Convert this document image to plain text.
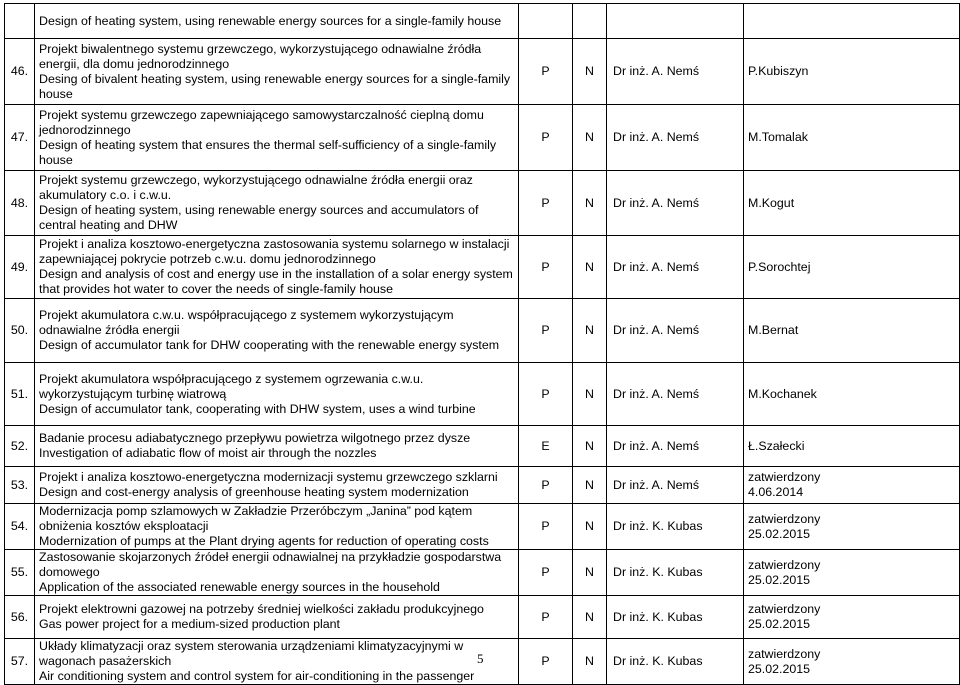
	Design of heating system, using renewable energy sources for a single-family house				
46.	Projekt biwalentnego systemu grzewczego, wykorzystującego odnawialne źródła energii, dla domu jednorodzinnego
Desing of bivalent heating system, using renewable energy sources for a single-family house	P	N	Dr inż. A. Nemś	P.Kubiszyn
47.	Projekt systemu grzewczego zapewniającego samowystarczalność cieplną domu jednorodzinnego
Design of heating system that ensures the thermal self-sufficiency of a single-family house	P	N	Dr inż. A. Nemś	M.Tomalak
48.	Projekt systemu grzewczego, wykorzystującego odnawialne źródła energii oraz akumulatory c.o. i c.w.u.
Design of heating system, using renewable energy sources and accumulators of central heating and DHW	P	N	Dr inż. A. Nemś	M.Kogut
49.	Projekt i analiza kosztowo-energetyczna zastosowania systemu solarnego w instalacji zapewniającej pokrycie potrzeb c.w.u. domu jednorodzinnego
Design and analysis of cost and energy use in the installation of a solar energy system that provides hot water to cover the needs of single-family house	P	N	Dr inż. A. Nemś	P.Sorochtej
50.	Projekt akumulatora c.w.u. współpracującego z systemem wykorzystującym odnawialne źródła energii
Design of accumulator tank for DHW cooperating with the renewable energy system	P	N	Dr inż. A. Nemś	M.Bernat
51.	Projekt akumulatora współpracującego z systemem ogrzewania c.w.u. wykorzystującym turbinę wiatrową
Design of accumulator tank, cooperating with DHW system, uses a wind turbine	P	N	Dr inż. A. Nemś	M.Kochanek
52.	Badanie procesu adiabatycznego przepływu powietrza wilgotnego przez dysze
Investigation of adiabatic flow of moist air through the nozzles	E	N	Dr inż. A. Nemś	Ł.Szałecki
53.	Projekt i analiza kosztowo-energetyczna modernizacji systemu grzewczego szklarni
Design and cost-energy analysis of greenhouse heating system modernization	P	N	Dr inż. A. Nemś	zatwierdzony
4.06.2014

54.	Modernizacja pomp szlamowych w Zakładzie Przeróbczym „Janina” pod kątem obniżenia kosztów eksploatacji
Modernization of pumps at the Plant drying agents for reduction of operating costs	P	N	Dr inż. K. Kubas	zatwierdzony
25.02.2015

55.	Zastosowanie skojarzonych źródeł energii odnawialnej na przykładzie gospodarstwa domowego
Application of the associated renewable energy sources in the household	P	N	Dr inż. K. Kubas	zatwierdzony
25.02.2015

56.	Projekt elektrowni gazowej na potrzeby średniej wielkości zakładu produkcyjnego
Gas power project for a medium-sized production plant	P	N	Dr inż. K. Kubas	zatwierdzony
25.02.2015

57.	Układy klimatyzacji oraz system sterowania urządzeniami klimatyzacyjnymi w wagonach pasażerskich
Air conditioning system and control system for air-conditioning in the passenger	P	N	Dr inż. K. Kubas	zatwierdzony
25.02.2015
5
